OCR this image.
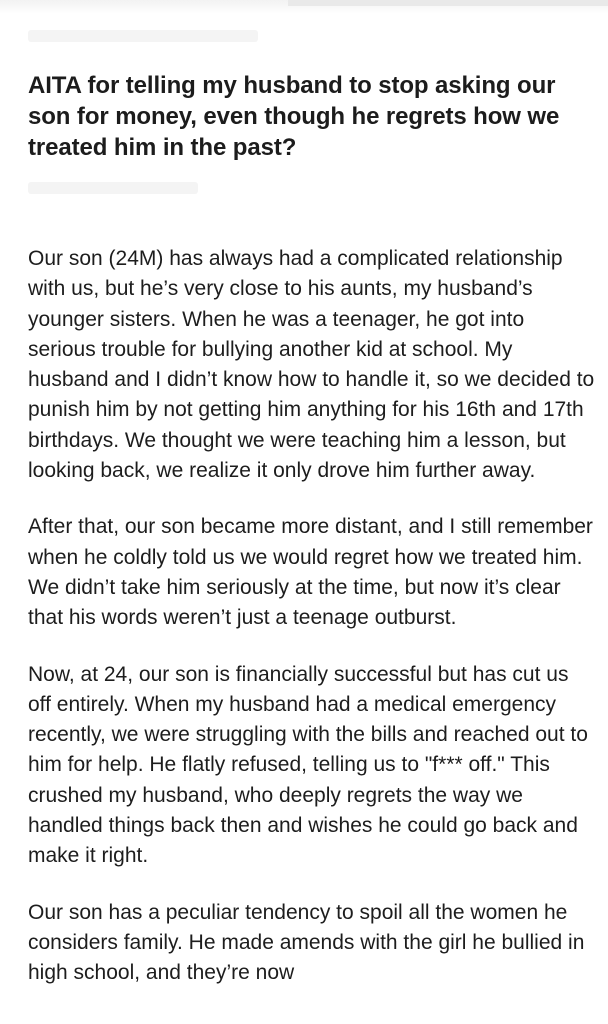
AITA for telling my husband to stop asking our son for money, even though he regrets how we treated him in the past?

Our son (24M) has always had a complicated relationship with us, but he’s very close to his aunts, my husband’s younger sisters. When he was a teenager, he got into serious trouble for bullying another kid at school. My husband and I didn’t know how to handle it, so we decided to punish him by not getting him anything for his 16th and 17th birthdays. We thought we were teaching him a lesson, but looking back, we realize it only drove him further away.

After that, our son became more distant, and I still remember when he coldly told us we would regret how we treated him. We didn’t take him seriously at the time, but now it’s clear that his words weren’t just a teenage outburst.

Now, at 24, our son is financially successful but has cut us off entirely. When my husband had a medical emergency recently, we were struggling with the bills and reached out to him for help. He flatly refused, telling us to "f*** off." This crushed my husband, who deeply regrets the way we handled things back then and wishes he could go back and make it right.

Our son has a peculiar tendency to spoil all the women he considers family. He made amends with the girl he bullied in high school, and they’re now
